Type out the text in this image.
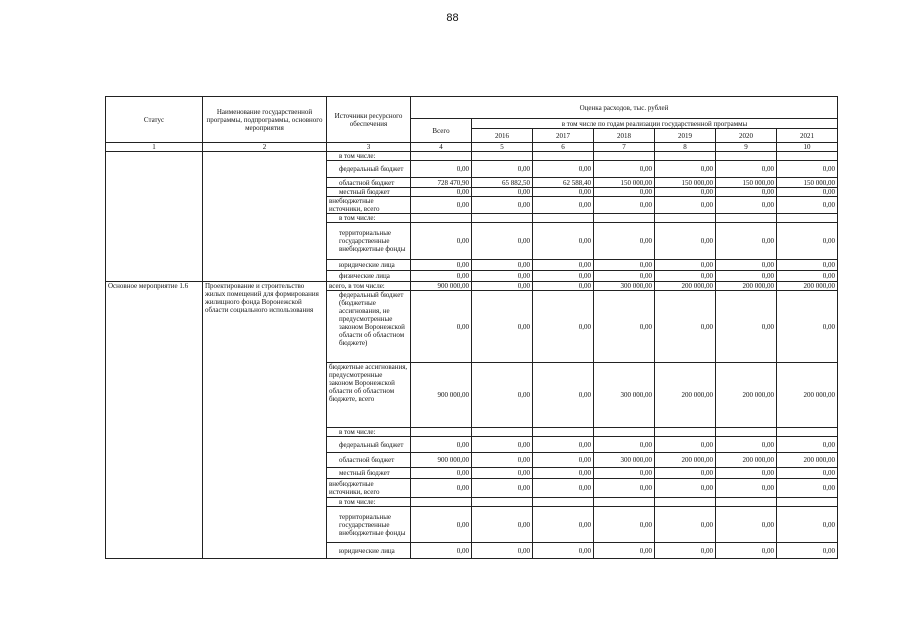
88
Статус	Наименование государственной программы, подпрограммы, основного мероприятия	Источники ресурсного обеспечения	Оценка расходов, тыс. рублей						
			Всего	в том числе по годам реализации государственной программы					
				2016	2017	2018	2019	2020	2021
1	2	3	4	5	6	7	8	9	10
		в том числе:							
		федеральный бюджет	0,00	0,00	0,00	0,00	0,00	0,00	0,00
		областной бюджет	728 470,90	65 882,50	62 588,40	150 000,00	150 000,00	150 000,00	150 000,00
		местный бюджет	0,00	0,00	0,00	0,00	0,00	0,00	0,00
		внебюджетные источники, всего	0,00	0,00	0,00	0,00	0,00	0,00	0,00
		в том числе:							
		территориальные государственные внебюджетные фонды	0,00	0,00	0,00	0,00	0,00	0,00	0,00
		юридические лица	0,00	0,00	0,00	0,00	0,00	0,00	0,00
		физические лица	0,00	0,00	0,00	0,00	0,00	0,00	0,00
Основное мероприятие 1.6	Проектирование и строительство жилых помещений для формирования жилищного фонда Воронежской области социального использования	всего, в том числе:	900 000,00	0,00	0,00	300 000,00	200 000,00	200 000,00	200 000,00
		федеральный бюджет (бюджетные ассигнования, не предусмотренные законом Воронежской области об областном бюджете)	0,00	0,00	0,00	0,00	0,00	0,00	0,00
		бюджетные ассигнования, предусмотренные законом Воронежской области об областном бюджете, всего	900 000,00	0,00	0,00	300 000,00	200 000,00	200 000,00	200 000,00
		в том числе:							
		федеральный бюджет	0,00	0,00	0,00	0,00	0,00	0,00	0,00
		областной бюджет	900 000,00	0,00	0,00	300 000,00	200 000,00	200 000,00	200 000,00
		местный бюджет	0,00	0,00	0,00	0,00	0,00	0,00	0,00
		внебюджетные источники, всего	0,00	0,00	0,00	0,00	0,00	0,00	0,00
		в том числе:							
		территориальные государственные внебюджетные фонды	0,00	0,00	0,00	0,00	0,00	0,00	0,00
		юридические лица	0,00	0,00	0,00	0,00	0,00	0,00	0,00
